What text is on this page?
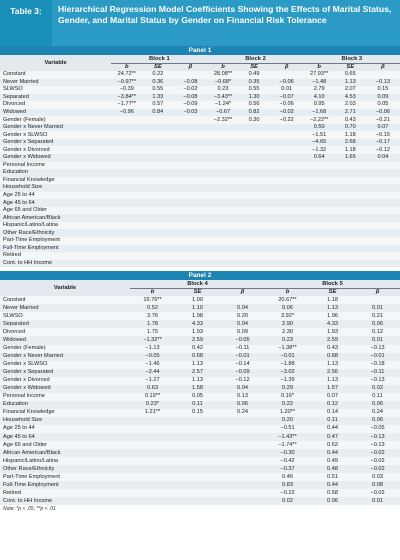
Table 3:	Hierarchical Regression Model Coefficients Showing the Effects of Marital Status, Gender, and Marital Status by Gender on Financial Risk Tolerance
Panel 1
Variable	Block 1			Block 2			Block 3		
	b	SE	β	b	SE	β	b	SE	β
Constant	24.72**	0.22		28.08**	0.49		27.93**	0.65	
Never Married	−0.97**	0.36	−0.08	−0.68*	0.35	−0.06	−1.48	1.13	−0.13
SLWSO	−0.39	0.55	−0.02	0.23	0.55	0.01	2.79	2.07	0.15
Separated	−3.84**	1.33	−0.08	−3.43**	1.30	−0.07	4.10	4.53	0.09
Divorced	−1.77**	0.57	−0.09	−1.24*	0.56	−0.06	0.95	2.03	0.05
Widowed	−0.96	0.84	−0.03	−0.67	0.82	−0.02	−1.68	2.71	−0.06
Gender (Female)				−2.32**	0.30	−0.22	−2.22**	0.43	−0.21
Gender x Never Married							0.50	0.70	0.07
Gender x SLWSO							−1.51	1.18	−0.15
Gender x Separated							−4.65	2.68	−0.17
Gender x Divorced							−1.32	1.18	−0.12
Gender x Widowed							0.64	1.65	0.04
Personal Income									
Education									
Financial Knowledge									
Household Size									
Age 25 to 44									
Age 45 to 64									
Age 65 and Older									
African American/Black									
Hispanic/Latino/Latina									
Other Race/Ethnicity									
Part-Time Employment									
Full-Time Employment									
Retired									
Cont. to HH Income									
Panel 2
Variable	Block 4			Block 5		
	b	SE	β	b	SE	β
Constant	19.76**	1.00		20.67**	1.18	
Never Married	0.52	1.10	0.04	0.06	1.13	0.01
SLWSO	3.76	1.98	0.20	3.92*	1.96	0.21
Separated	1.78	4.33	0.04	2.90	4.33	0.06
Divorced	1.75	1.93	0.09	2.30	1.93	0.12
Widowed	−1.32**	2.59	−0.05	0.23	2.59	0.01
Gender (Female)	−1.13	0.42	−0.11	−1.38**	0.43	−0.13
Gender x Never Married	−0.05	0.68	−0.01	−0.01	0.68	−0.01
Gender x SLWSO	−1.46	1.13	−0.14	−1.88	1.13	−0.18
Gender x Separated	−2.44	2.57	−0.09	−3.02	2.56	−0.11
Gender x Divorced	−1.27	1.13	−0.12	−1.39	1.13	−0.13
Gender x Widowed	0.63	1.58	0.04	0.29	1.57	0.02
Personal Income	0.19**	0.05	0.13	0.16*	0.07	0.11
Education	0.23*	0.11	0.06	0.22	0.12	0.06
Financial Knowledge	1.21**	0.15	0.24	1.20**	0.14	0.24
Household Size				0.20	0.11	0.06
Age 25 to 44				−0.51	0.44	−0.05
Age 45 to 64				−1.43**	0.47	−0.13
Age 65 and Older				−1.74**	0.62	−0.13
African American/Black				−0.30	0.44	−0.02
Hispanic/Latino/Latina				−0.42	0.49	−0.02
Other Race/Ethnicity				−0.37	0.48	−0.02
Part-Time Employment				0.46	0.51	0.03
Full-Time Employment				0.83	0.44	0.08
Retired				−0.22	0.58	−0.02
Cont. to HH Income				0.02	0.06	0.01
Note: *p < .05, **p < .01
